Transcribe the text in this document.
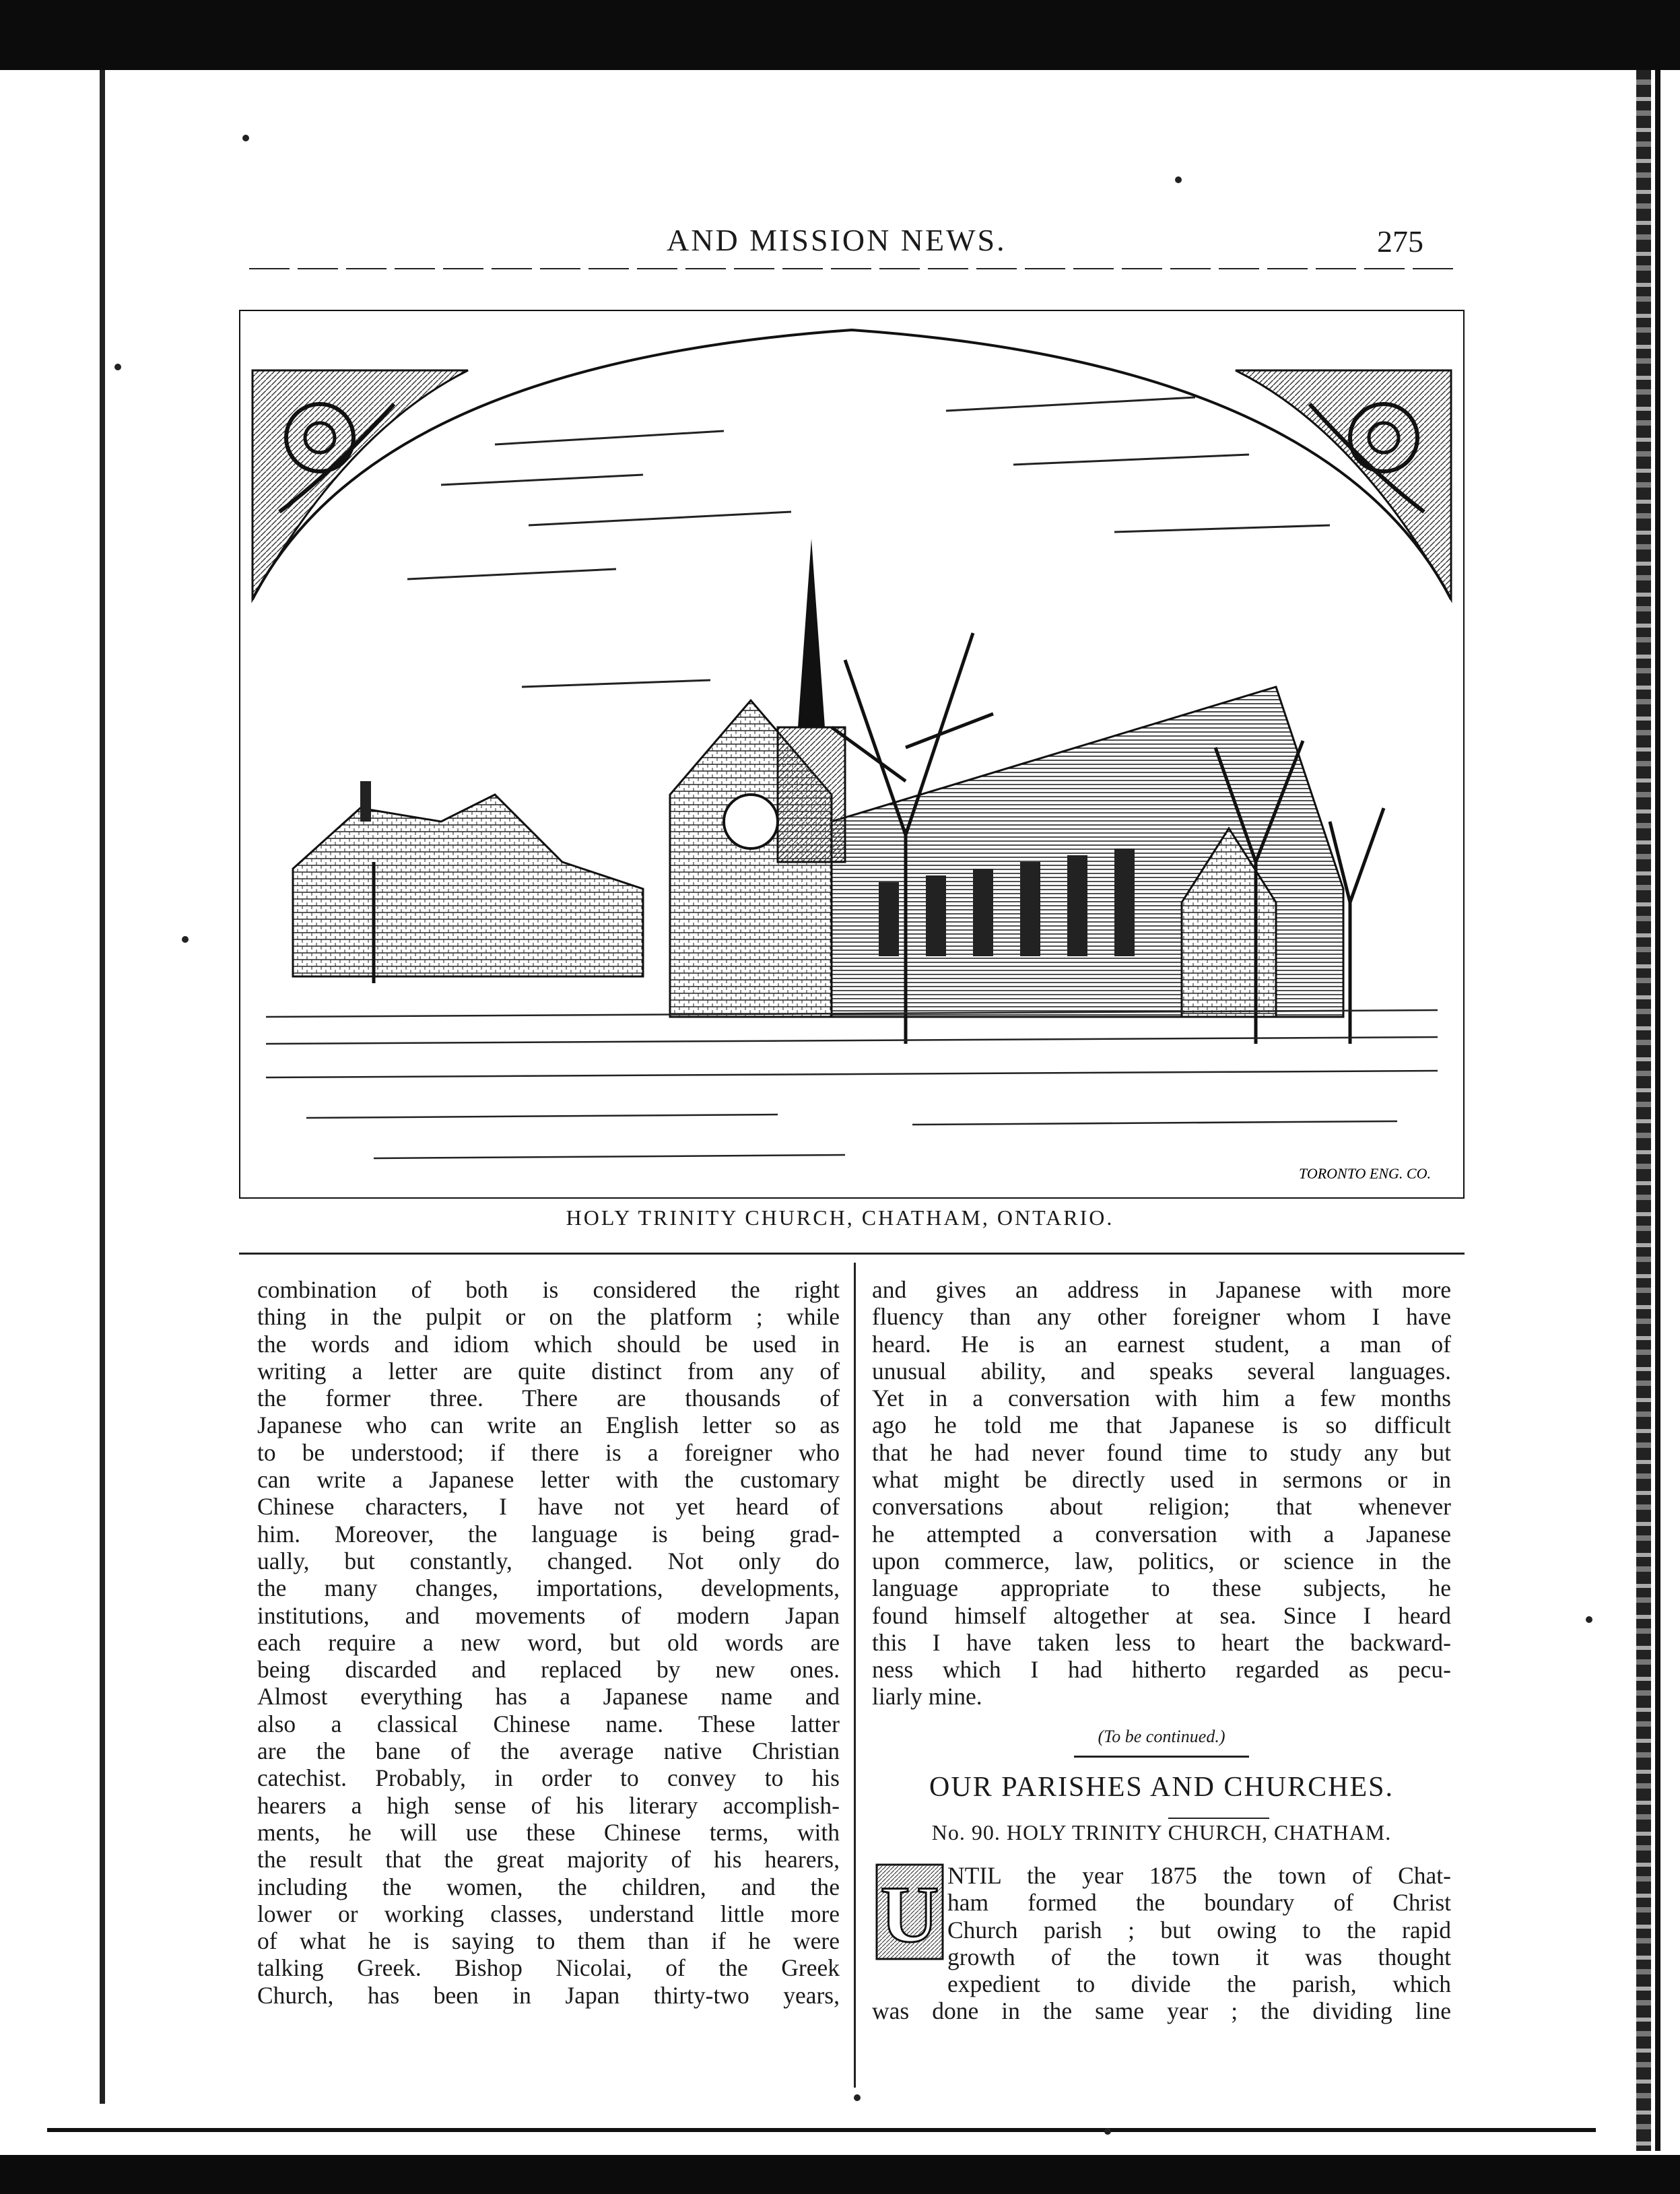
AND MISSION NEWS.	275
TORONTO ENG. CO.
HOLY TRINITY CHURCH, CHATHAM, ONTARIO.
combination of both is considered the right
thing in the pulpit or on the platform ; while
the words and idiom which should be used in
writing a letter are quite distinct from any of
the former three. There are thousands of
Japanese who can write an English letter so as
to be understood; if there is a foreigner who
can write a Japanese letter with the customary
Chinese characters, I have not yet heard of
him. Moreover, the language is being grad-
ually, but constantly, changed. Not only do
the many changes, importations, developments,
institutions, and movements of modern Japan
each require a new word, but old words are
being discarded and replaced by new ones.
Almost everything has a Japanese name and
also a classical Chinese name. These latter
are the bane of the average native Christian
catechist. Probably, in order to convey to his
hearers a high sense of his literary accomplish-
ments, he will use these Chinese terms, with
the result that the great majority of his hearers,
including the women, the children, and the
lower or working classes, understand little more
of what he is saying to them than if he were
talking Greek. Bishop Nicolai, of the Greek
Church, has been in Japan thirty-two years,
and gives an address in Japanese with more
fluency than any other foreigner whom I have
heard. He is an earnest student, a man of
unusual ability, and speaks several languages.
Yet in a conversation with him a few months
ago he told me that Japanese is so difficult
that he had never found time to study any but
what might be directly used in sermons or in
conversations about religion; that whenever
he attempted a conversation with a Japanese
upon commerce, law, politics, or science in the
language appropriate to these subjects, he
found himself altogether at sea. Since I heard
this I have taken less to heart the backward-
ness which I had hitherto regarded as pecu-
liarly mine.
(To be continued.)
OUR PARISHES AND CHURCHES.
No. 90. HOLY TRINITY CHURCH, CHATHAM.
U NTIL the year 1875 the town of Chat-
ham formed the boundary of Christ
Church parish ; but owing to the rapid
growth of the town it was thought
expedient to divide the parish, which
was done in the same year ; the dividing line
